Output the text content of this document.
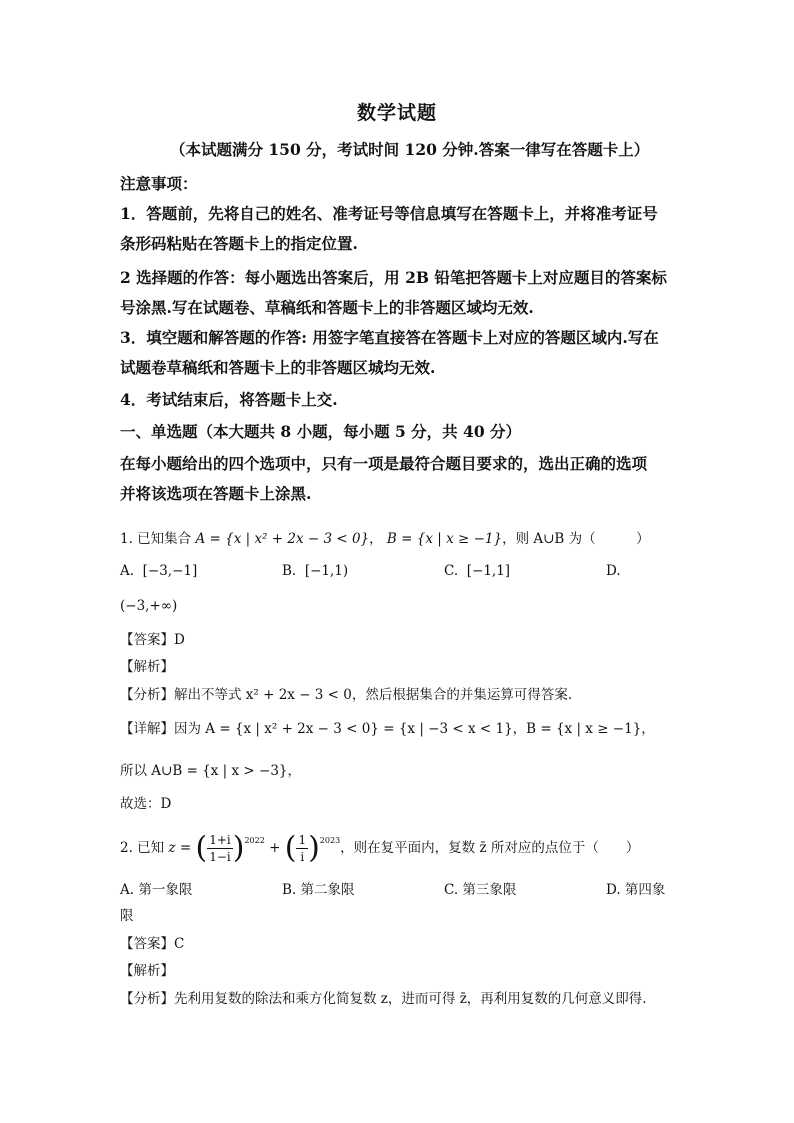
数学试题
（本试题满分 150 分，考试时间 120 分钟.答案一律写在答题卡上）
注意事项：
1．答题前，先将自己的姓名、准考证号等信息填写在答题卡上，并将准考证号
条形码粘贴在答题卡上的指定位置.
2 选择题的作答：每小题选出答案后，用 2B 铅笔把答题卡上对应题目的答案标
号涂黑.写在试题卷、草稿纸和答题卡上的非答题区域均无效.
3．填空题和解答题的作答: 用签字笔直接答在答题卡上对应的答题区域内.写在
试题卷草稿纸和答题卡上的非答题区城均无效.
4．考试结束后，将答题卡上交.
一、单选题（本大题共 8 小题，每小题 5 分，共 40 分）
在每小题给出的四个选项中，只有一项是最符合题目要求的，选出正确的选项
并将该选项在答题卡上涂黑.
1. 已知集合 A = {x | x² + 2x − 3 < 0}， B = {x | x ≥ −1}，则 A∪B 为（　　　）
A. [−3,−1]	B. [−1,1)	C. [−1,1]	D.
(−3,+∞)
【答案】D
【解析】
【分析】解出不等式 x² + 2x − 3 < 0，然后根据集合的并集运算可得答案.
【详解】因为 A = {x | x² + 2x − 3 < 0} = {x | −3 < x < 1}，B = {x | x ≥ −1}，
所以 A∪B = {x | x > −3}，
故选：D
2. 已知 z = ( $\frac{1+i}{1-i} )^{2022}$ + ( $\frac{1}{i} )^{2023}$，则在复平面内，复数 z̄ 所对应的点位于（　　）
A. 第一象限	B. 第二象限	C. 第三象限	D. 第四象
限
【答案】C
【解析】
【分析】先利用复数的除法和乘方化简复数 z，进而可得 z̄，再利用复数的几何意义即得.
